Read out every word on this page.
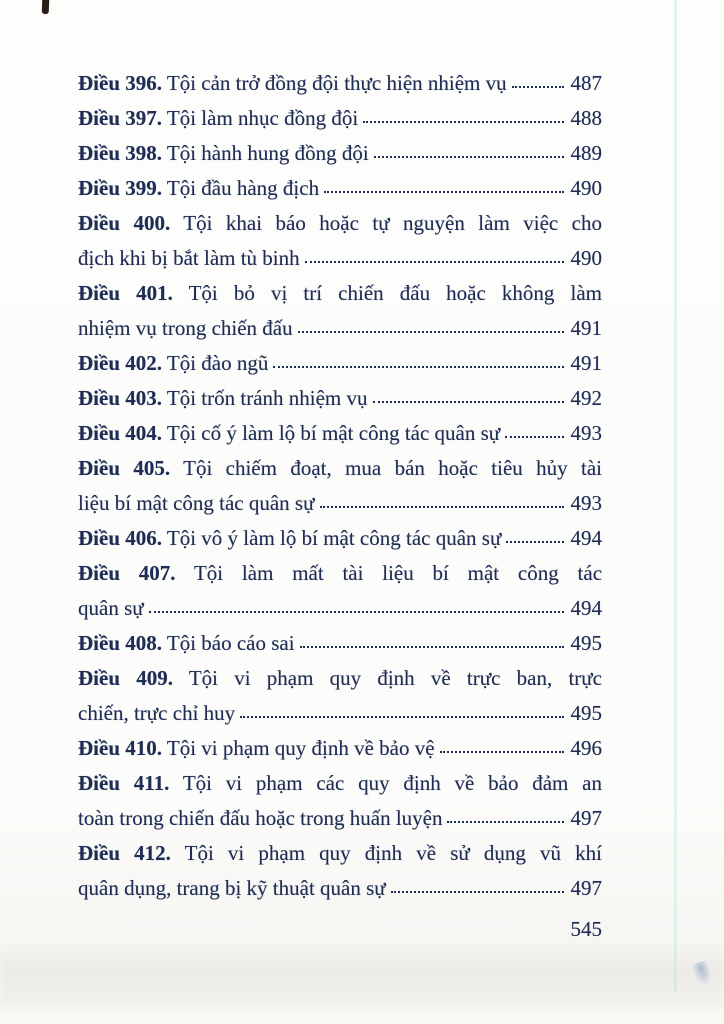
Điều 396. Tội cản trở đồng đội thực hiện nhiệm vụ	487
Điều 397. Tội làm nhục đồng đội	488
Điều 398. Tội hành hung đồng đội	489
Điều 399. Tội đầu hàng địch	490
Điều 400. Tội khai báo hoặc tự nguyện làm việc cho
địch khi bị bắt làm tù binh	490
Điều 401. Tội bỏ vị trí chiến đấu hoặc không làm
nhiệm vụ trong chiến đấu	491
Điều 402. Tội đào ngũ	491
Điều 403. Tội trốn tránh nhiệm vụ	492
Điều 404. Tội cố ý làm lộ bí mật công tác quân sự	493
Điều 405. Tội chiếm đoạt, mua bán hoặc tiêu hủy tài
liệu bí mật công tác quân sự	493
Điều 406. Tội vô ý làm lộ bí mật công tác quân sự	494
Điều 407. Tội làm mất tài liệu bí mật công tác
quân sự	494
Điều 408. Tội báo cáo sai	495
Điều 409. Tội vi phạm quy định về trực ban, trực
chiến, trực chỉ huy	495
Điều 410. Tội vi phạm quy định về bảo vệ	496
Điều 411. Tội vi phạm các quy định về bảo đảm an
toàn trong chiến đấu hoặc trong huấn luyện	497
Điều 412. Tội vi phạm quy định về sử dụng vũ khí
quân dụng, trang bị kỹ thuật quân sự	497
545
